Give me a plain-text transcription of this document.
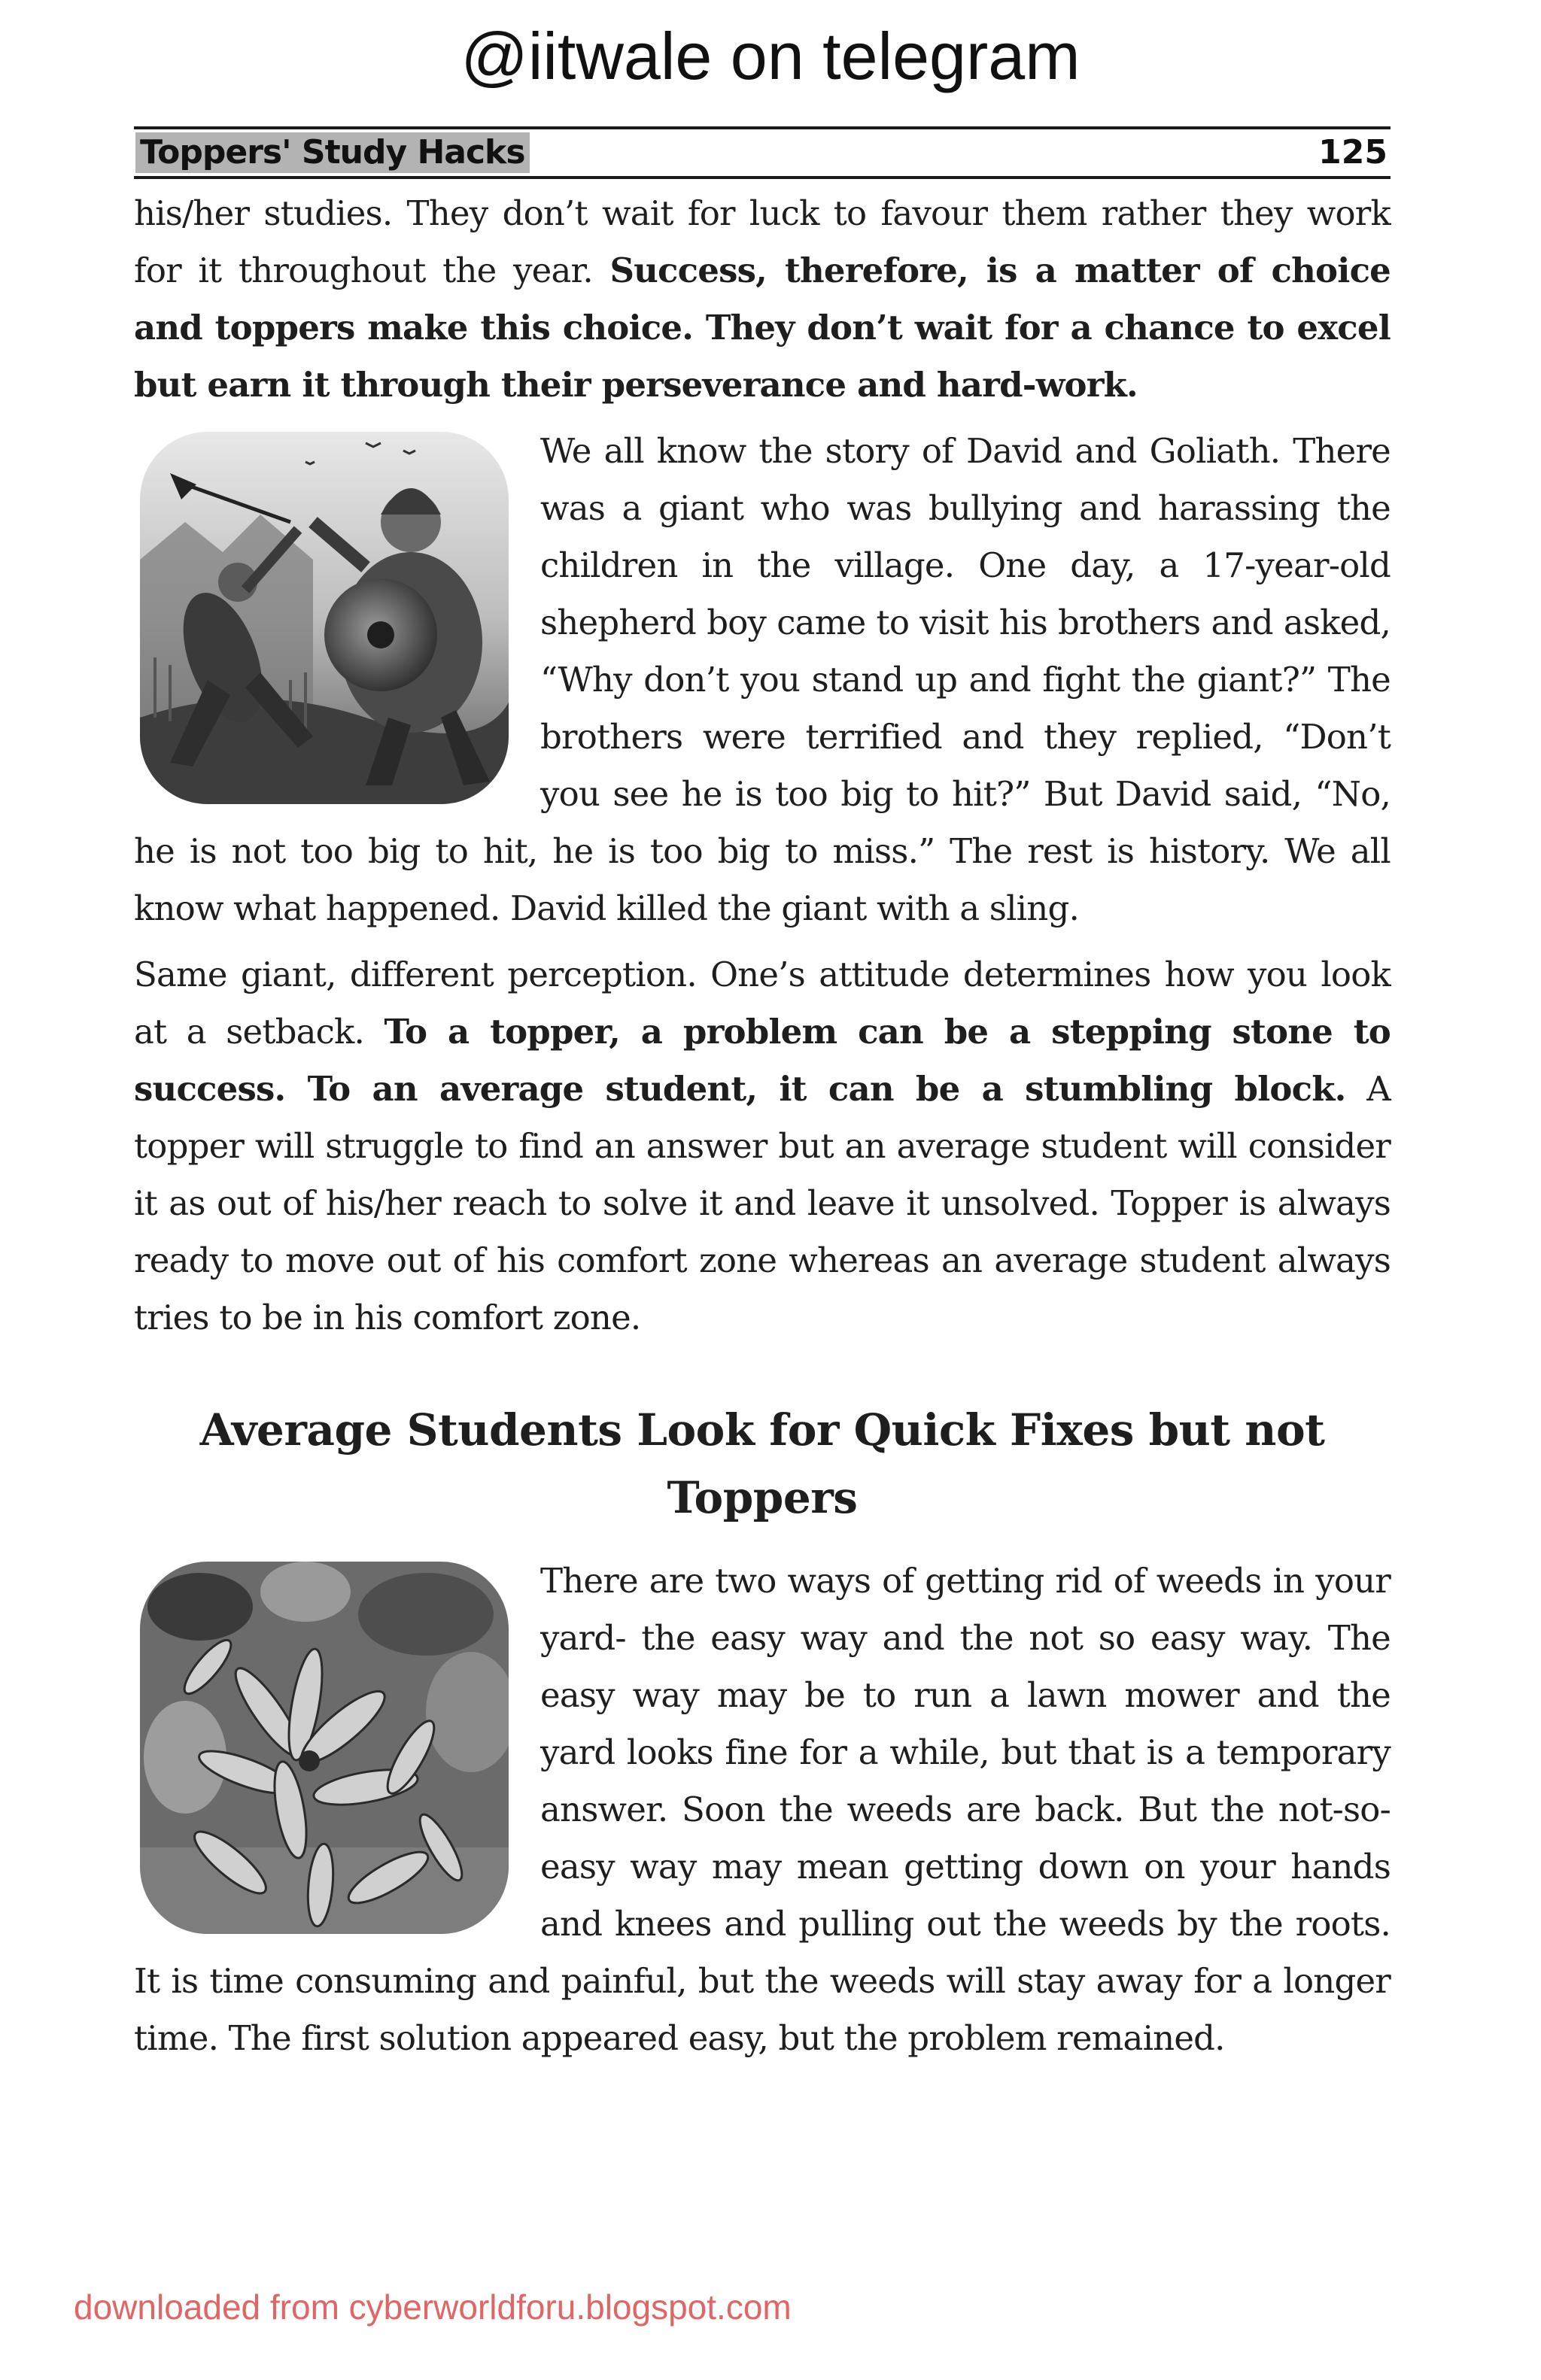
@iitwale on telegram
Toppers' Study Hacks	125

his/her studies. They don’t wait for luck to favour them rather they work for it throughout the year. Success, therefore, is a matter of choice and toppers make this choice. They don’t wait for a chance to excel but earn it through their perseverance and hard-work.

We all know the story of David and Goliath. There was a giant who was bullying and harassing the children in the village. One day, a 17-year-old shepherd boy came to visit his brothers and asked, “Why don’t you stand up and fight the giant?” The brothers were terrified and they replied, “Don’t you see he is too big to hit?” But David said, “No, he is not too big to hit, he is too big to miss.” The rest is history. We all know what happened. David killed the giant with a sling.

Same giant, different perception. One’s attitude determines how you look at a setback. To a topper, a problem can be a stepping stone to success. To an average student, it can be a stumbling block. A topper will struggle to find an answer but an average student will consider it as out of his/her reach to solve it and leave it unsolved. Topper is always ready to move out of his comfort zone whereas an average student always tries to be in his comfort zone.

Average Students Look for Quick Fixes but not Toppers

There are two ways of getting rid of weeds in your yard- the easy way and the not so easy way. The easy way may be to run a lawn mower and the yard looks fine for a while, but that is a temporary answer. Soon the weeds are back. But the not-so-easy way may mean getting down on your hands and knees and pulling out the weeds by the roots. It is time consuming and painful, but the weeds will stay away for a longer time. The first solution appeared easy, but the problem remained.

downloaded from cyberworldforu.blogspot.com
